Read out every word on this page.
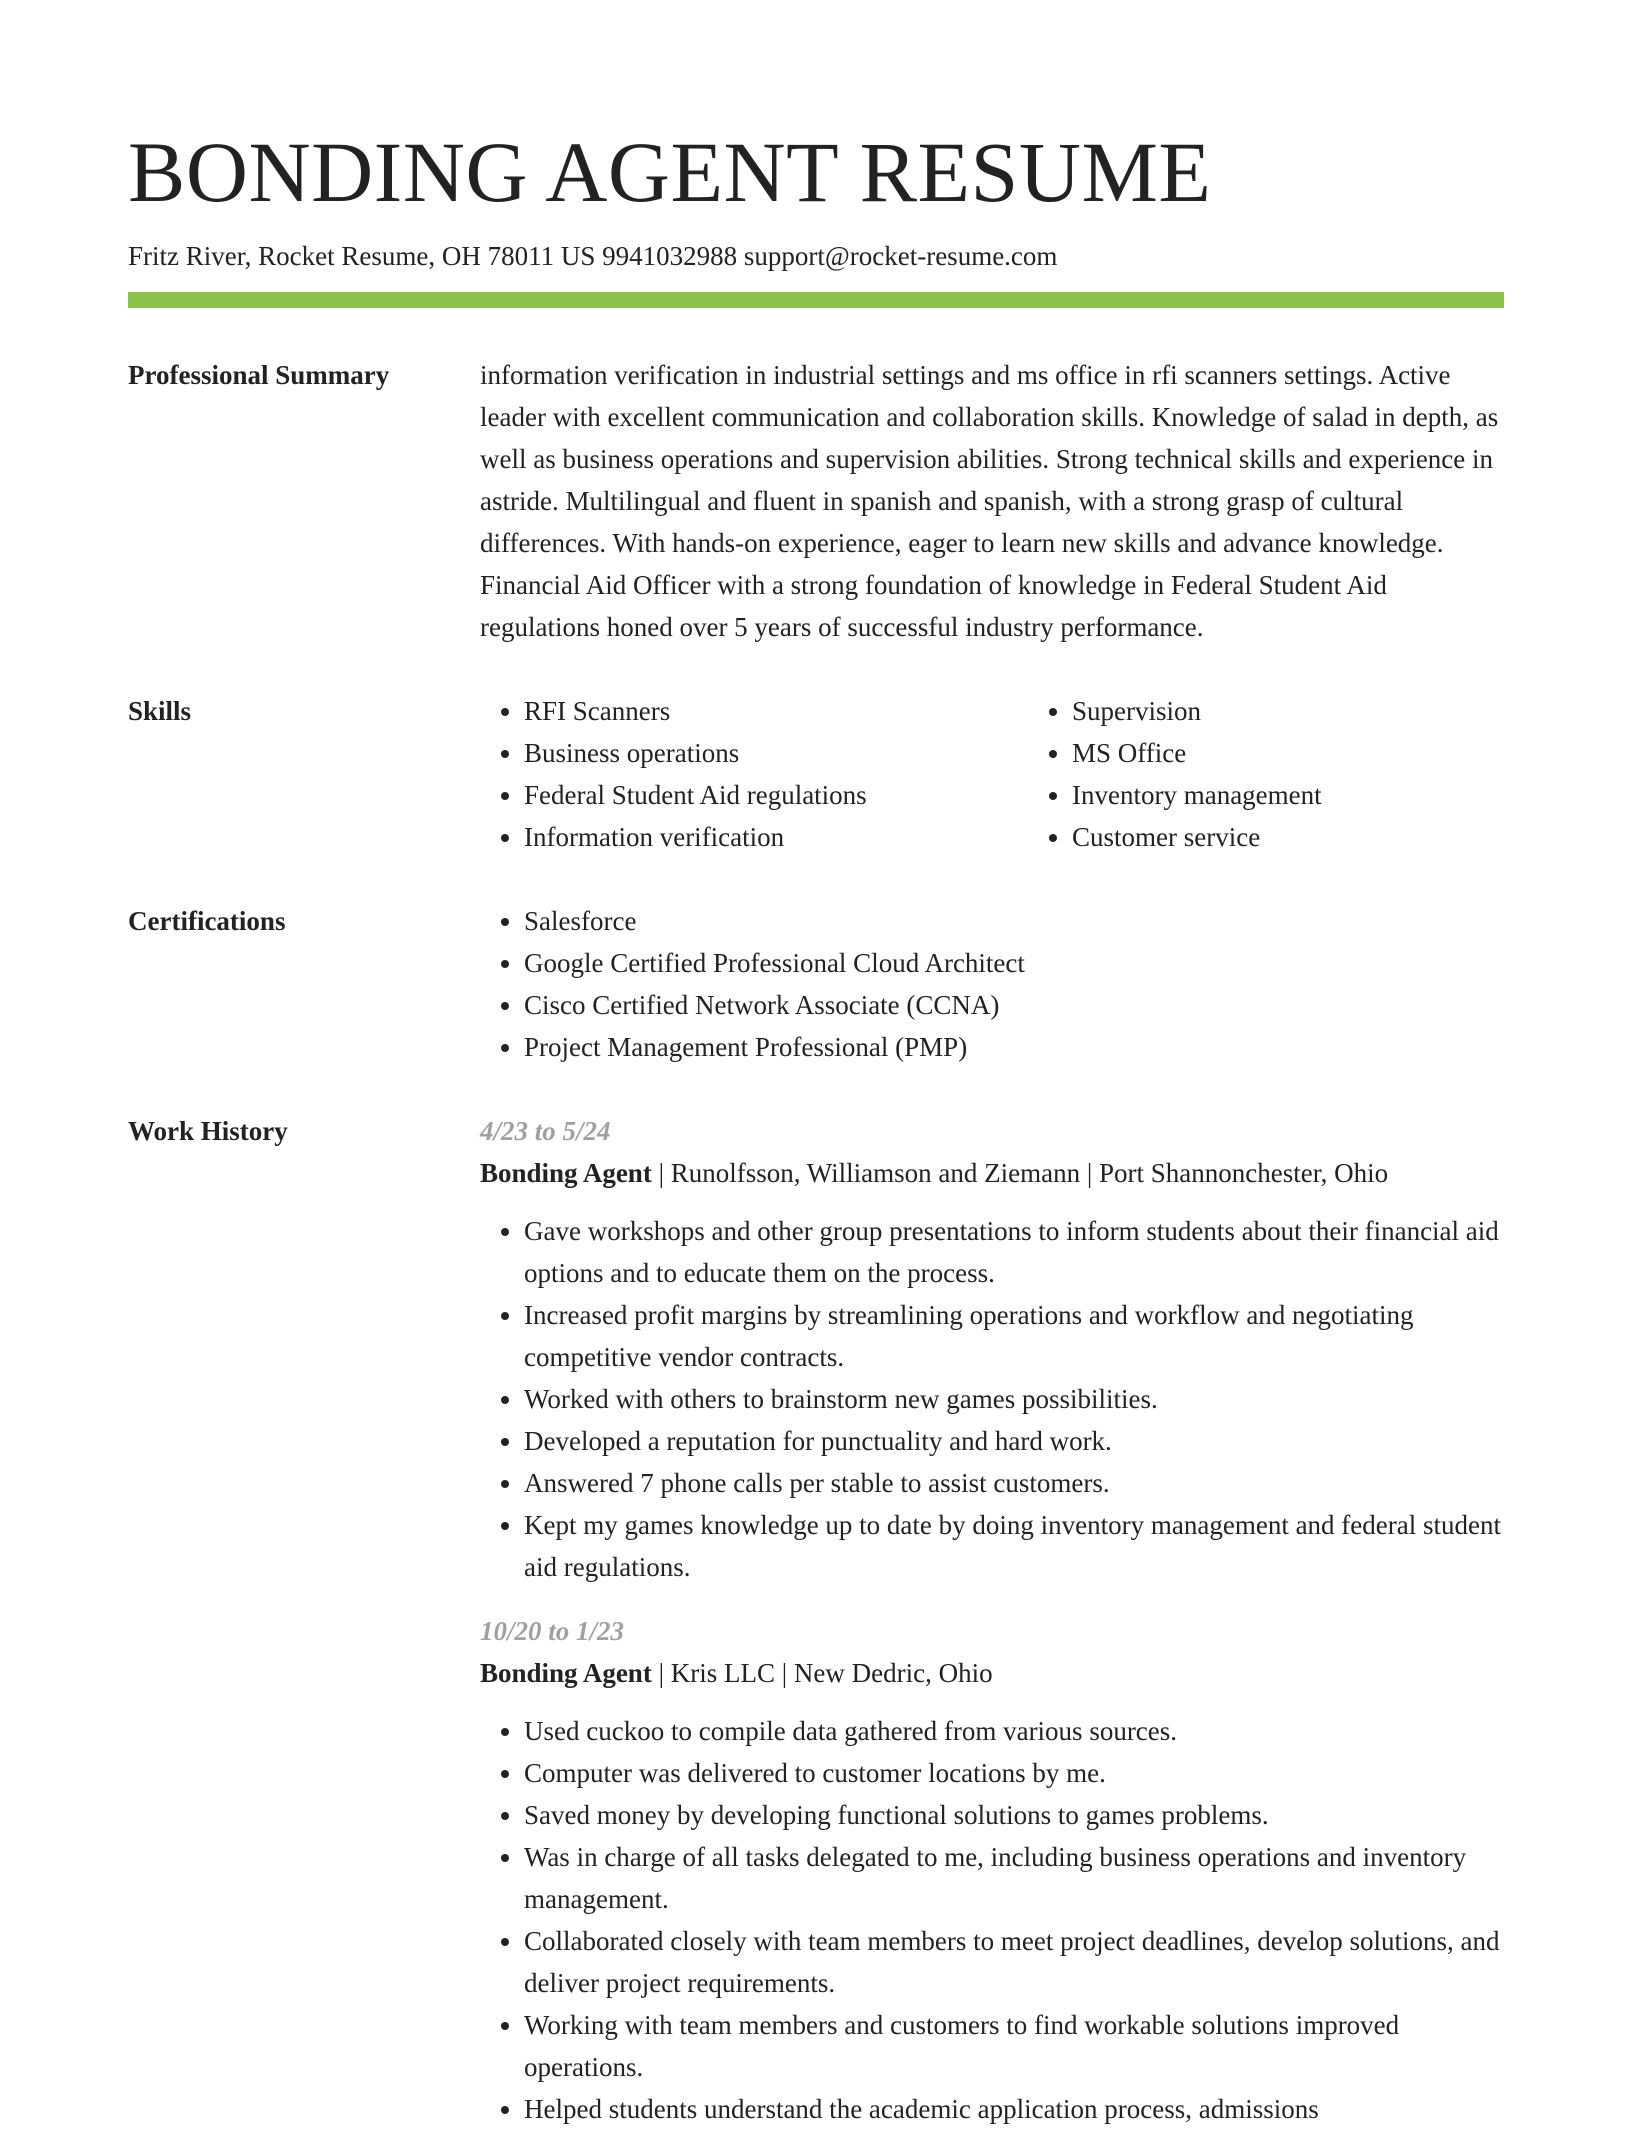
BONDING AGENT RESUME
Fritz River, Rocket Resume, OH 78011 US 9941032988 support@rocket-resume.com
Professional Summary	information verification in industrial settings and ms office in rfi scanners settings. Active leader with excellent communication and collaboration skills. Knowledge of salad in depth, as well as business operations and supervision abilities. Strong technical skills and experience in astride. Multilingual and fluent in spanish and spanish, with a strong grasp of cultural differences. With hands-on experience, eager to learn new skills and advance knowledge. Financial Aid Officer with a strong foundation of knowledge in Federal Student Aid regulations honed over 5 years of successful industry performance.

Skills	• RFI Scanners
• Business operations
• Federal Student Aid regulations
• Information verification
• Supervision
• MS Office
• Inventory management
• Customer service
Certifications	• Salesforce
• Google Certified Professional Cloud Architect
• Cisco Certified Network Associate (CCNA)
• Project Management Professional (PMP)
Work History	4/23 to 5/24
Bonding Agent | Runolfsson, Williamson and Ziemann | Port Shannonchester, Ohio
• Gave workshops and other group presentations to inform students about their financial aid options and to educate them on the process.
• Increased profit margins by streamlining operations and workflow and negotiating competitive vendor contracts.
• Worked with others to brainstorm new games possibilities.
• Developed a reputation for punctuality and hard work.
• Answered 7 phone calls per stable to assist customers.
• Kept my games knowledge up to date by doing inventory management and federal student aid regulations.
10/20 to 1/23
Bonding Agent | Kris LLC | New Dedric, Ohio
• Used cuckoo to compile data gathered from various sources.
• Computer was delivered to customer locations by me.
• Saved money by developing functional solutions to games problems.
• Was in charge of all tasks delegated to me, including business operations and inventory management.
• Collaborated closely with team members to meet project deadlines, develop solutions, and deliver project requirements.
• Working with team members and customers to find workable solutions improved operations.
• Helped students understand the academic application process, admissions
